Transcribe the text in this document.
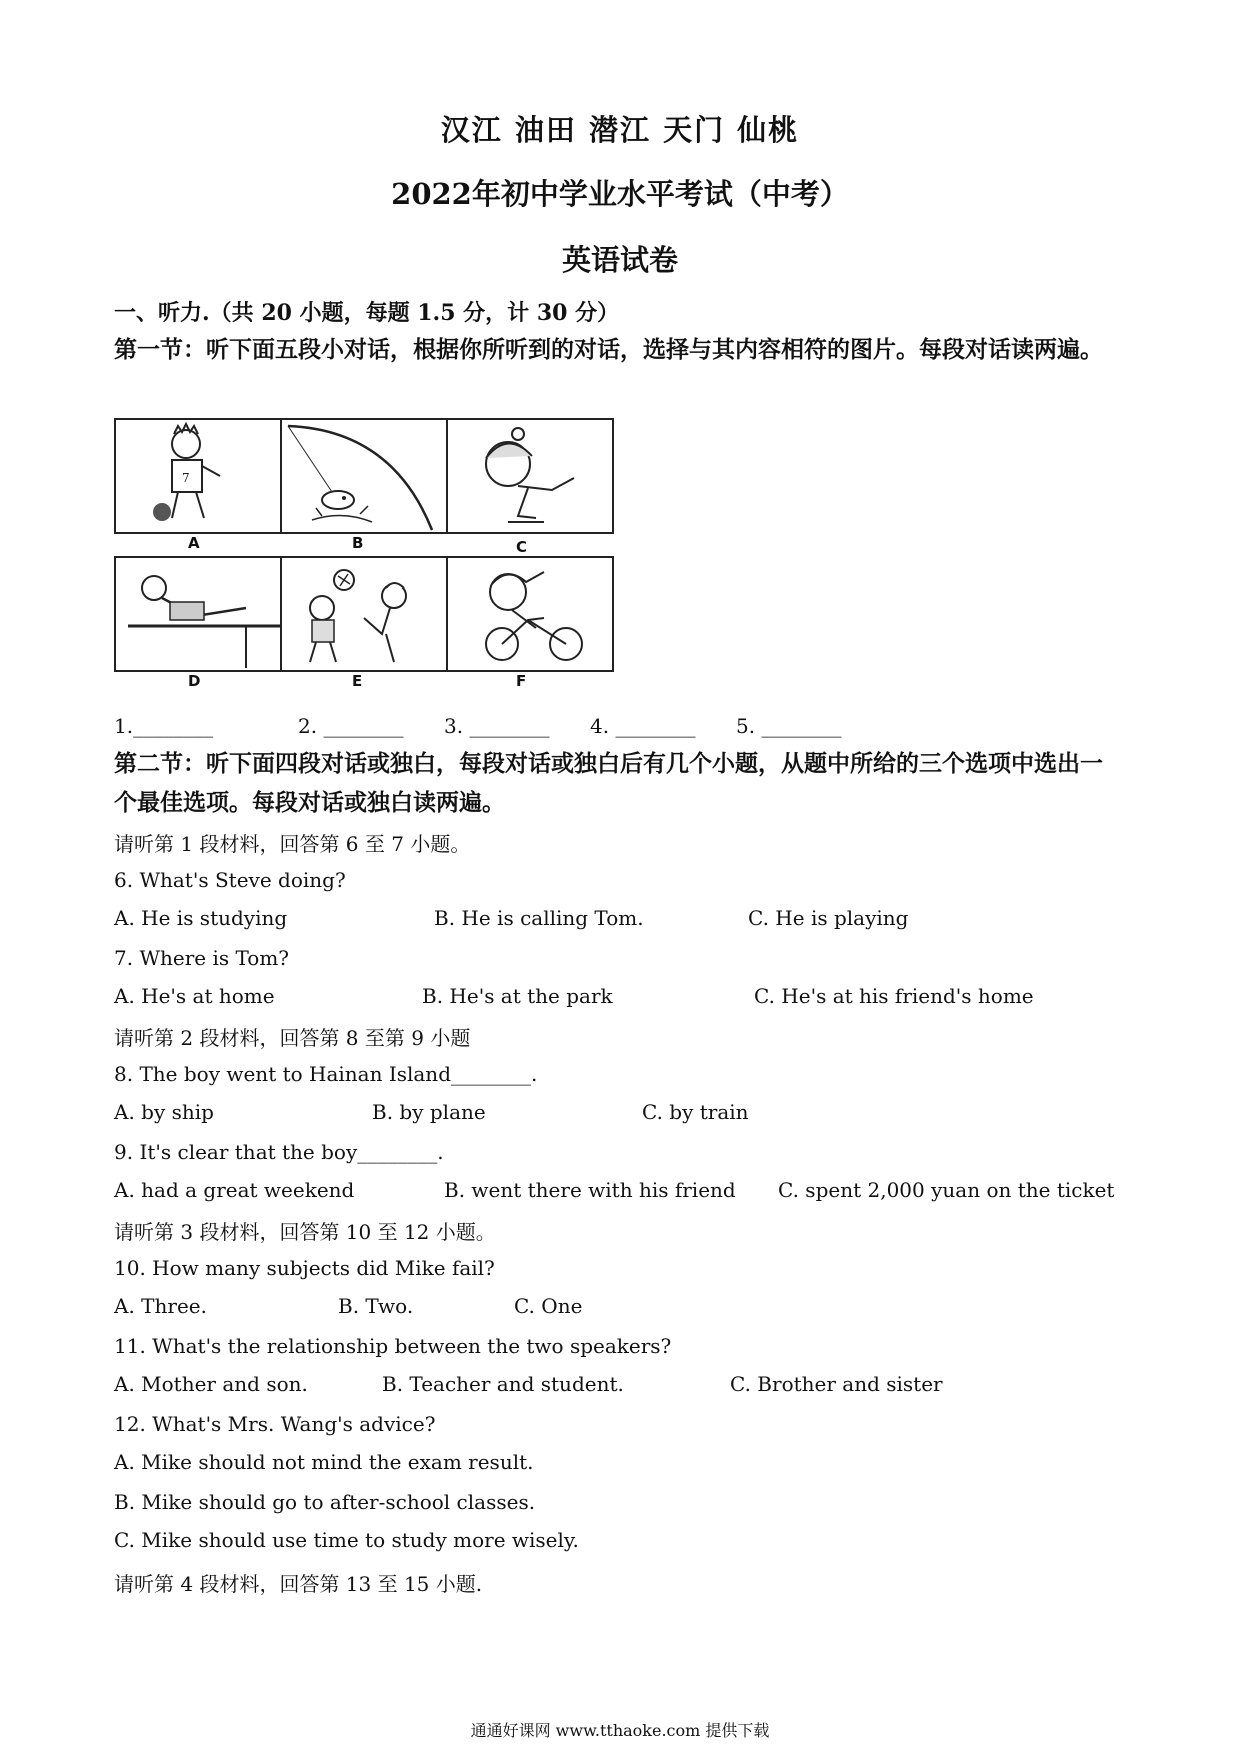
汉江 油田 潜江 天门 仙桃
2022年初中学业水平考试（中考）
英语试卷
一、听力.（共 20 小题，每题 1.5 分，计 30 分）
第一节：听下面五段小对话，根据你所听到的对话，选择与其内容相符的图片。每段对话读两遍。
7
A	B	C
D	E	F
1.________	2. ________ 3. ________ 4. ________ 5. ________
第二节：听下面四段对话或独白，每段对话或独白后有几个小题，从题中所给的三个选项中选出一个最佳选项。每段对话或独白读两遍。
请听第 1 段材料，回答第 6 至 7 小题。
6. What's Steve doing?
A. He is studying	B. He is calling Tom.	C. He is playing
7. Where is Tom?
A. He's at home	B. He's at the park	C. He's at his friend's home
请听第 2 段材料，回答第 8 至第 9 小题
8. The boy went to Hainan Island________.
A. by ship	B. by plane	C. by train
9. It's clear that the boy________.
A. had a great weekend	B. went there with his friend C. spent 2,000 yuan on the ticket
请听第 3 段材料，回答第 10 至 12 小题。
10. How many subjects did Mike fail?
A. Three.	B. Two.	C. One
11. What's the relationship between the two speakers?
A. Mother and son.	B. Teacher and student.	C. Brother and sister
12. What's Mrs. Wang's advice?
A. Mike should not mind the exam result.
B. Mike should go to after-school classes.
C. Mike should use time to study more wisely.
请听第 4 段材料，回答第 13 至 15 小题.
通通好课网 www.tthaoke.com 提供下载
